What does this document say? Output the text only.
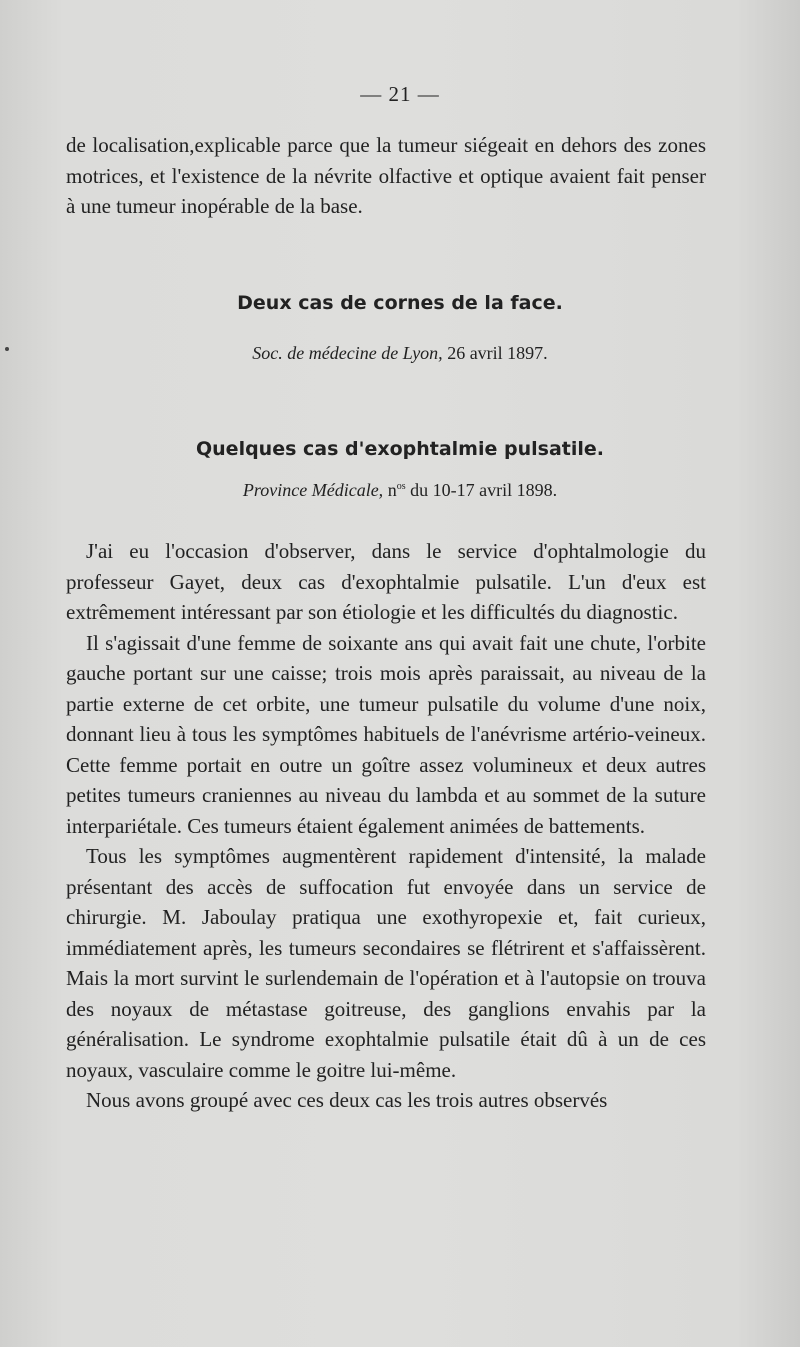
— 21 —

de localisation,explicable parce que la tumeur siégeait en dehors des zones motrices, et l'existence de la névrite olfactive et optique avaient fait penser à une tumeur inopérable de la base.

Deux cas de cornes de la face.

Soc. de médecine de Lyon, 26 avril 1897.

Quelques cas d'exophtalmie pulsatile.

Province Médicale, $n^{os}$ du 10-17 avril 1898.

J'ai eu l'occasion d'observer, dans le service d'ophtalmologie du professeur Gayet, deux cas d'exophtalmie pulsatile. L'un d'eux est extrêmement intéressant par son étiologie et les difficultés du diagnostic.

Il s'agissait d'une femme de soixante ans qui avait fait une chute, l'orbite gauche portant sur une caisse; trois mois après paraissait, au niveau de la partie externe de cet orbite, une tumeur pulsatile du volume d'une noix, donnant lieu à tous les symptômes habituels de l'anévrisme artério-veineux. Cette femme portait en outre un goître assez volumineux et deux autres petites tumeurs craniennes au niveau du lambda et au sommet de la suture interpariétale. Ces tumeurs étaient également animées de battements.

Tous les symptômes augmentèrent rapidement d'intensité, la malade présentant des accès de suffocation fut envoyée dans un service de chirurgie. M. Jaboulay pratiqua une exothyropexie et, fait curieux, immédiatement après, les tumeurs secondaires se flétrirent et s'affaissèrent. Mais la mort survint le surlendemain de l'opération et à l'autopsie on trouva des noyaux de métastase goitreuse, des ganglions envahis par la généralisation. Le syndrome exophtalmie pulsatile était dû à un de ces noyaux, vasculaire comme le goitre lui-même.

Nous avons groupé avec ces deux cas les trois autres observés
